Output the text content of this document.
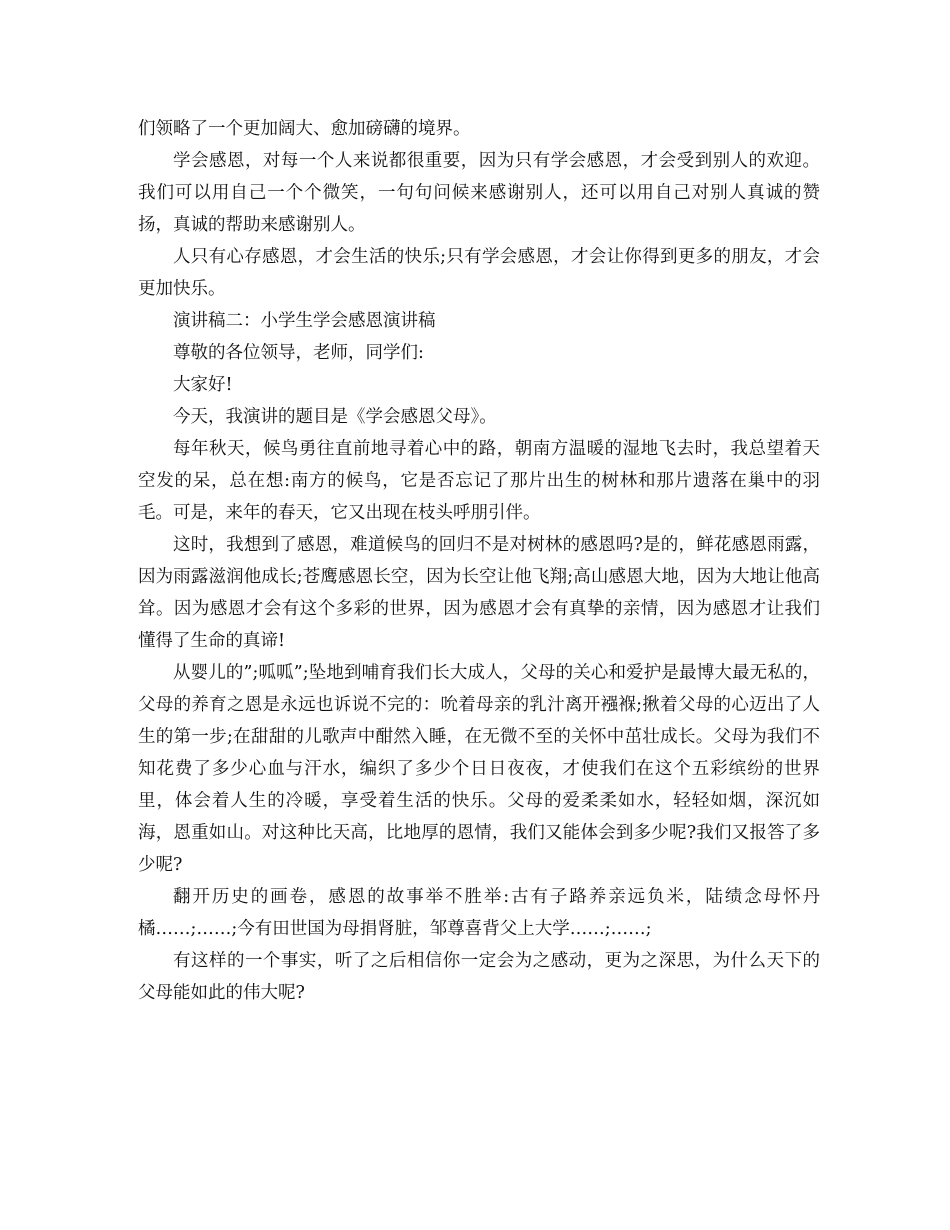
们领略了一个更加阔大、愈加磅礴的境界。

学会感恩，对每一个人来说都很重要，因为只有学会感恩，才会受到别人的欢迎。我们可以用自己一个个微笑，一句句问候来感谢别人，还可以用自己对别人真诚的赞扬，真诚的帮助来感谢别人。

人只有心存感恩，才会生活的快乐;只有学会感恩，才会让你得到更多的朋友，才会更加快乐。

演讲稿二：小学生学会感恩演讲稿

尊敬的各位领导，老师，同学们:

大家好!

今天，我演讲的题目是《学会感恩父母》。

每年秋天，候鸟勇往直前地寻着心中的路，朝南方温暖的湿地飞去时，我总望着天空发的呆，总在想:南方的候鸟，它是否忘记了那片出生的树林和那片遗落在巢中的羽毛。可是，来年的春天，它又出现在枝头呼朋引伴。

这时，我想到了感恩，难道候鸟的回归不是对树林的感恩吗?是的，鲜花感恩雨露，因为雨露滋润他成长;苍鹰感恩长空，因为长空让他飞翔;高山感恩大地，因为大地让他高耸。因为感恩才会有这个多彩的世界，因为感恩才会有真挚的亲情，因为感恩才让我们懂得了生命的真谛!

从婴儿的”;呱呱”;坠地到哺育我们长大成人，父母的关心和爱护是最博大最无私的，父母的养育之恩是永远也诉说不完的：吮着母亲的乳汁离开襁褓;揪着父母的心迈出了人生的第一步;在甜甜的儿歌声中酣然入睡，在无微不至的关怀中茁壮成长。父母为我们不知花费了多少心血与汗水，编织了多少个日日夜夜，才使我们在这个五彩缤纷的世界里，体会着人生的冷暖，享受着生活的快乐。父母的爱柔柔如水，轻轻如烟，深沉如海，恩重如山。对这种比天高，比地厚的恩情，我们又能体会到多少呢?我们又报答了多少呢?

翻开历史的画卷，感恩的故事举不胜举:古有子路养亲远负米，陆绩念母怀丹橘……;……;今有田世国为母捐肾脏，邹尊喜背父上大学……;……;

有这样的一个事实，听了之后相信你一定会为之感动，更为之深思，为什么天下的父母能如此的伟大呢?
